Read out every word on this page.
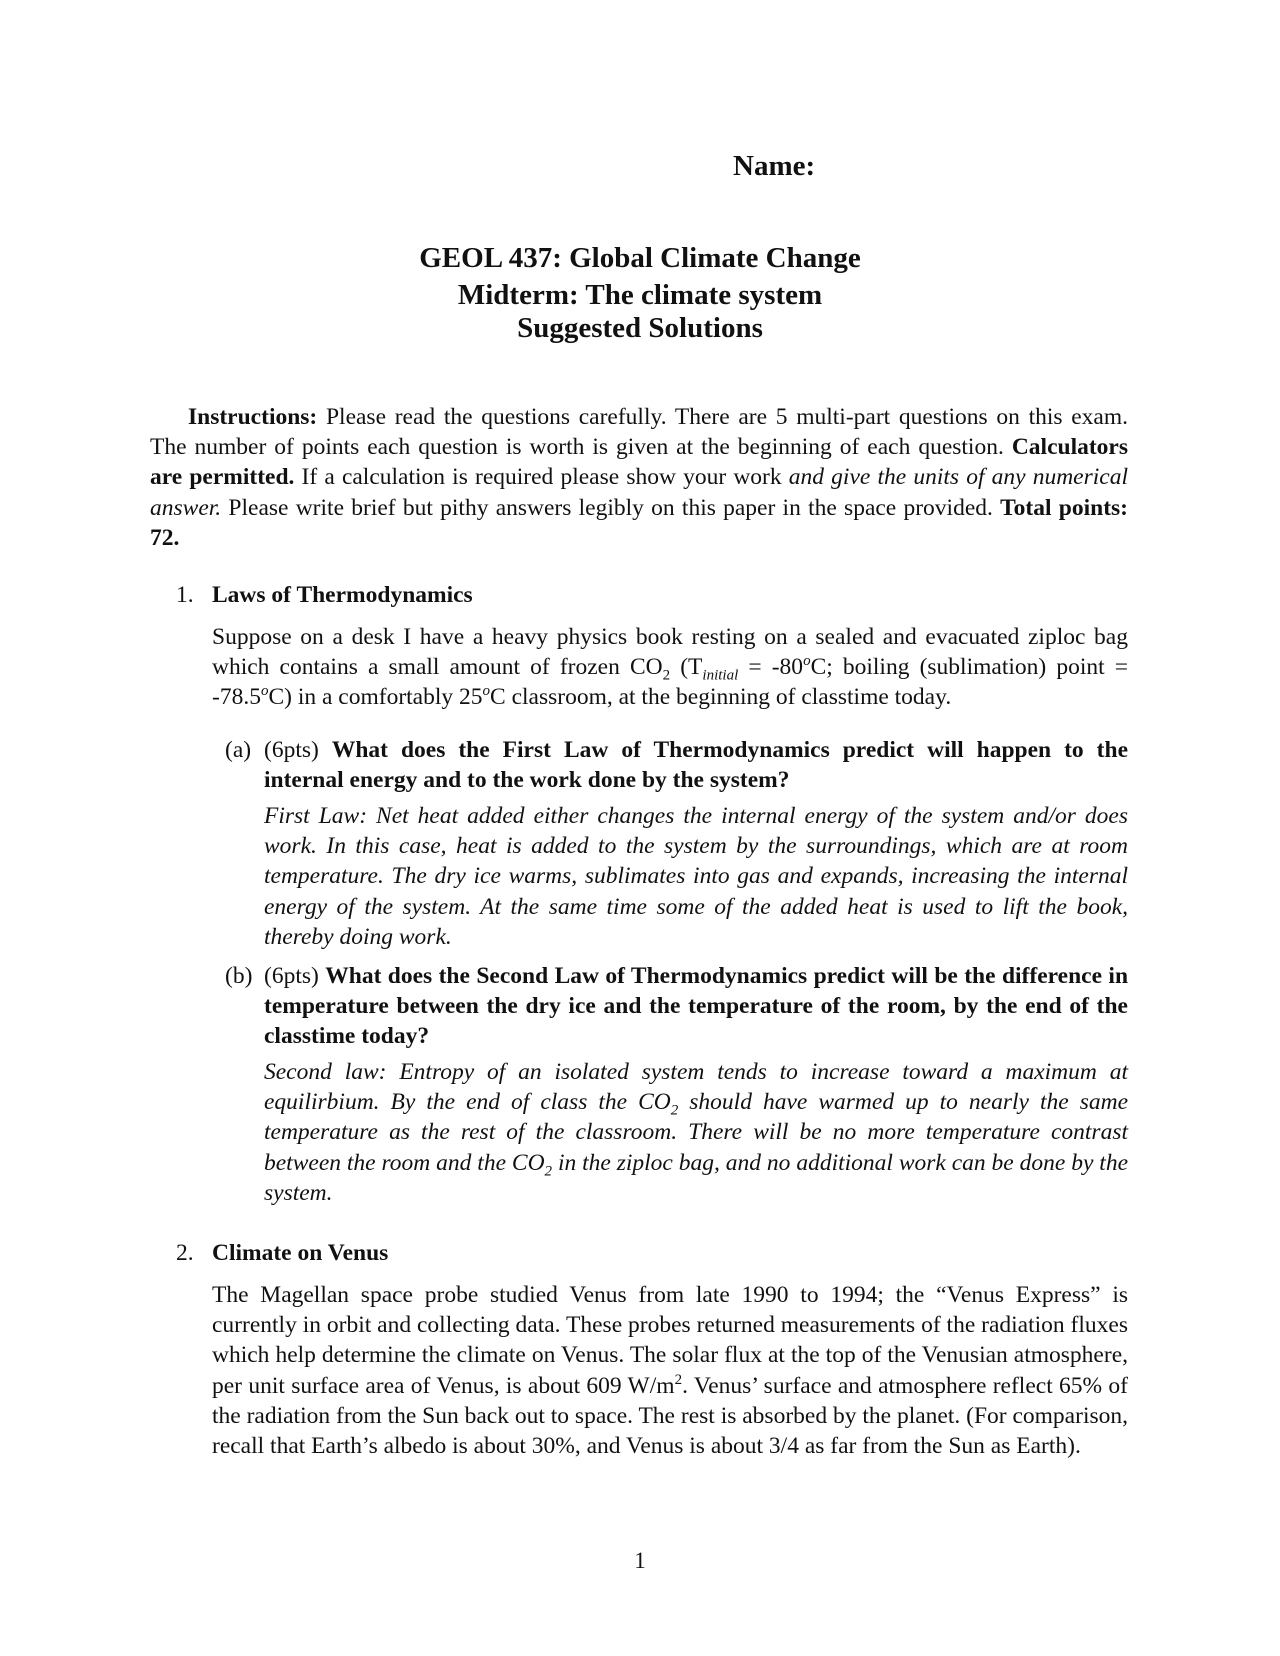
Name:
GEOL 437: Global Climate Change
Midterm: The climate system
Suggested Solutions
Instructions: Please read the questions carefully. There are 5 multi-part questions on this exam. The number of points each question is worth is given at the beginning of each question. Calculators are permitted. If a calculation is required please show your work and give the units of any numerical answer. Please write brief but pithy answers legibly on this paper in the space provided. Total points: 72.
1. Laws of Thermodynamics
Suppose on a desk I have a heavy physics book resting on a sealed and evacuated ziploc bag which contains a small amount of frozen $CO_2$ ($T_{initial} = -80^oC$; boiling (sublimation) point = $-78.5^oC$) in a comfortably 25$^o$C classroom, at the beginning of classtime today.
(a) (6pts) What does the First Law of Thermodynamics predict will happen to the internal energy and to the work done by the system?
First Law: Net heat added either changes the internal energy of the system and/or does work. In this case, heat is added to the system by the surroundings, which are at room temperature. The dry ice warms, sublimates into gas and expands, increasing the internal energy of the system. At the same time some of the added heat is used to lift the book, thereby doing work.
(b) (6pts) What does the Second Law of Thermodynamics predict will be the difference in temperature between the dry ice and the temperature of the room, by the end of the classtime today?
Second law: Entropy of an isolated system tends to increase toward a maximum at equilirbium. By the end of class the $CO_2$ should have warmed up to nearly the same temperature as the rest of the classroom. There will be no more temperature contrast between the room and the $CO_2$ in the ziploc bag, and no additional work can be done by the system.
2. Climate on Venus
The Magellan space probe studied Venus from late 1990 to 1994; the “Venus Express” is currently in orbit and collecting data. These probes returned measurements of the radiation fluxes which help determine the climate on Venus. The solar flux at the top of the Venusian atmosphere, per unit surface area of Venus, is about 609 $W/m^2$. Venus’ surface and atmosphere reflect 65% of the radiation from the Sun back out to space. The rest is absorbed by the planet. (For comparison, recall that Earth’s albedo is about 30%, and Venus is about 3/4 as far from the Sun as Earth).
1
